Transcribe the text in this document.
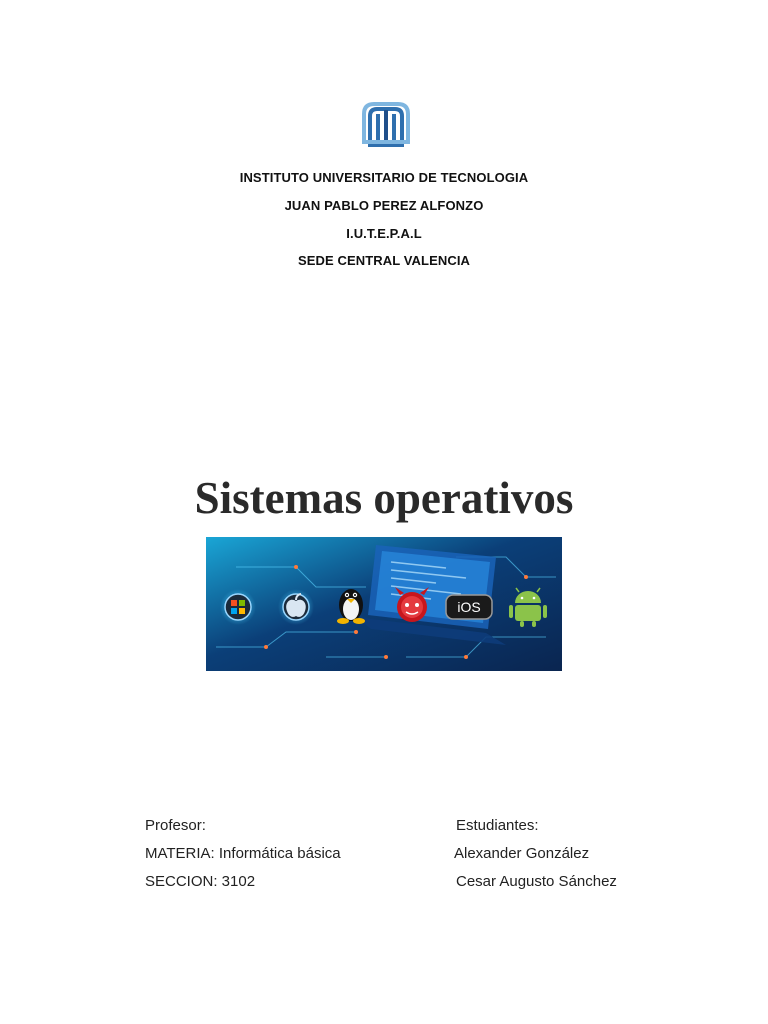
INSTITUTO UNIVERSITARIO DE TECNOLOGIA
JUAN PABLO PEREZ ALFONZO
I.U.T.E.P.A.L
SEDE CENTRAL VALENCIA
Sistemas operativos
iOS
Profesor:
MATERIA: Informática básica
SECCION: 3102
Estudiantes:
Alexander González
Cesar Augusto Sánchez
